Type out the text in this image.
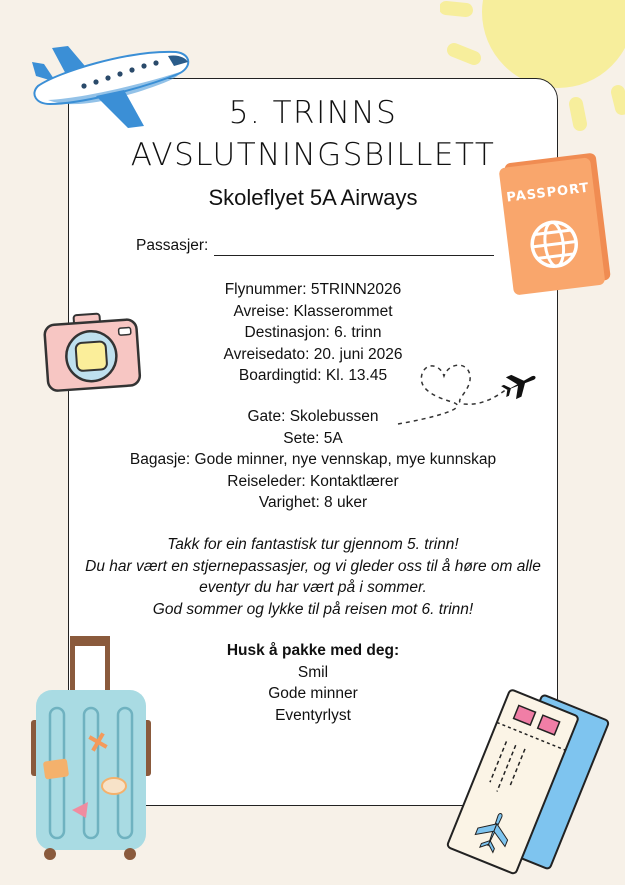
PASSPORT
5. TRINNS
AVSLUTNINGSBILLETT
Skoleflyet 5A Airways
Passasjer:
Flynummer: 5TRINN2026
Avreise: Klasserommet
Destinasjon: 6. trinn
Avreisedato: 20. juni 2026
Boardingtid: Kl. 13.45
Gate: Skolebussen
Sete: 5A
Bagasje: Gode minner, nye vennskap, mye kunnskap
Reiseleder: Kontaktlærer
Varighet: 8 uker
Takk for ein fantastisk tur gjennom 5. trinn!
Du har vært en stjernepassasjer, og vi gleder oss til å høre om alle
eventyr du har vært på i sommer.
God sommer og lykke til på reisen mot 6. trinn!
Husk å pakke med deg:
Smil
Gode minner
Eventyrlyst
